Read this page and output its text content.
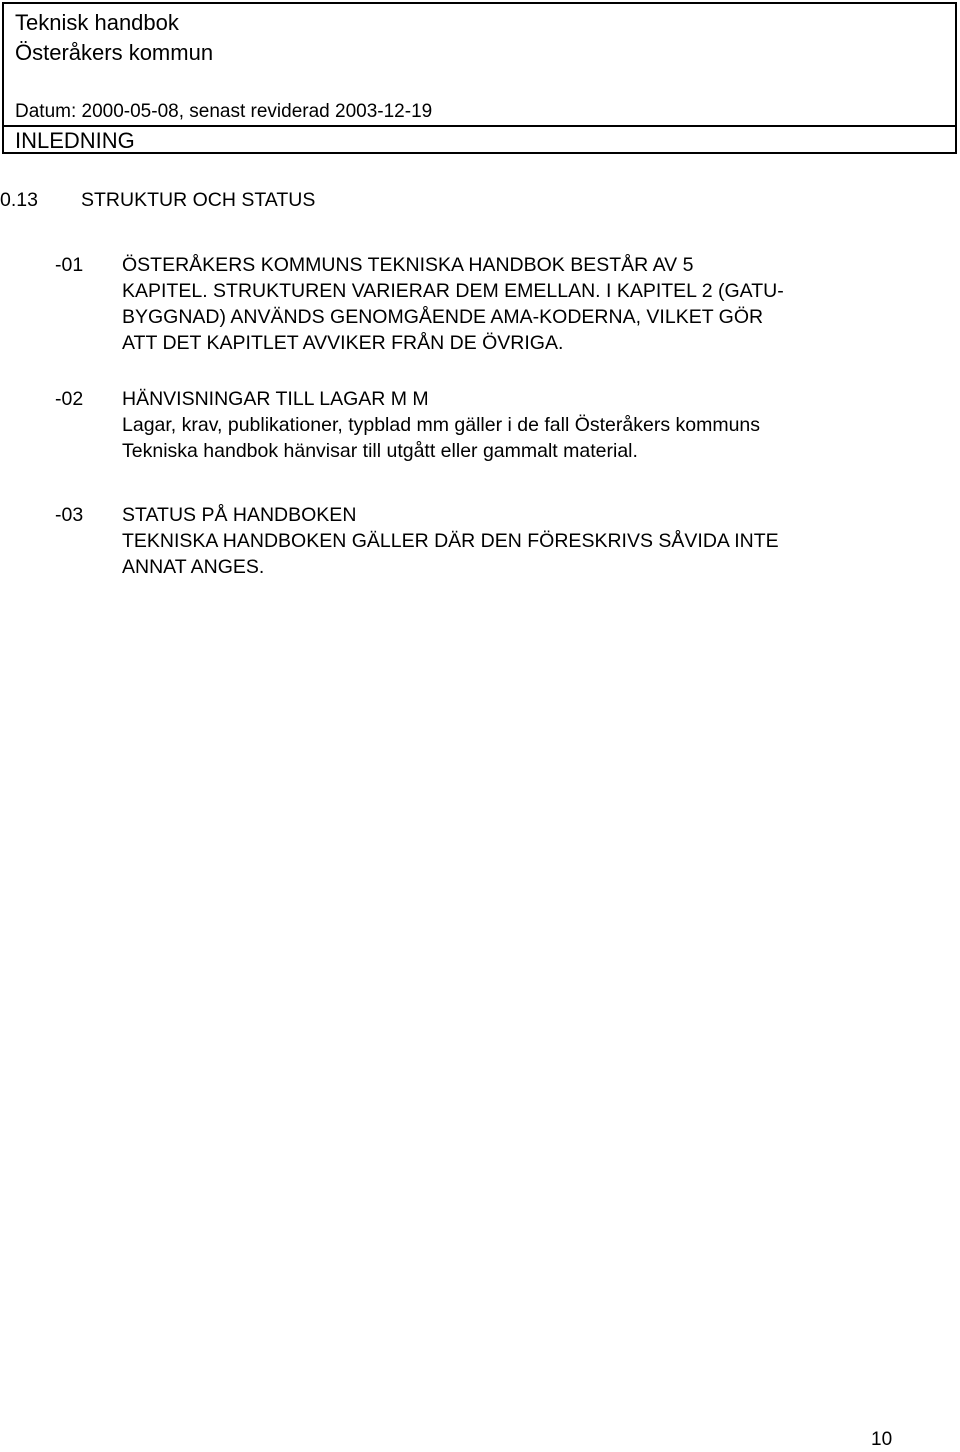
Teknisk handbok
Österåkers kommun
Datum: 2000-05-08, senast reviderad 2003-12-19
INLEDNING
0.13 STRUKTUR OCH STATUS
-01 ÖSTERÅKERS KOMMUNS TEKNISKA HANDBOK BESTÅR AV 5
KAPITEL. STRUKTUREN VARIERAR DEM EMELLAN. I KAPITEL 2 (GATU-
BYGGNAD) ANVÄNDS GENOMGÅENDE AMA-KODERNA, VILKET GÖR
ATT DET KAPITLET AVVIKER FRÅN DE ÖVRIGA.
-02 HÄNVISNINGAR TILL LAGAR M M
Lagar, krav, publikationer, typblad mm gäller i de fall Österåkers kommuns
Tekniska handbok hänvisar till utgått eller gammalt material.
-03 STATUS PÅ HANDBOKEN
TEKNISKA HANDBOKEN GÄLLER DÄR DEN FÖRESKRIVS SÅVIDA INTE
ANNAT ANGES.
10
